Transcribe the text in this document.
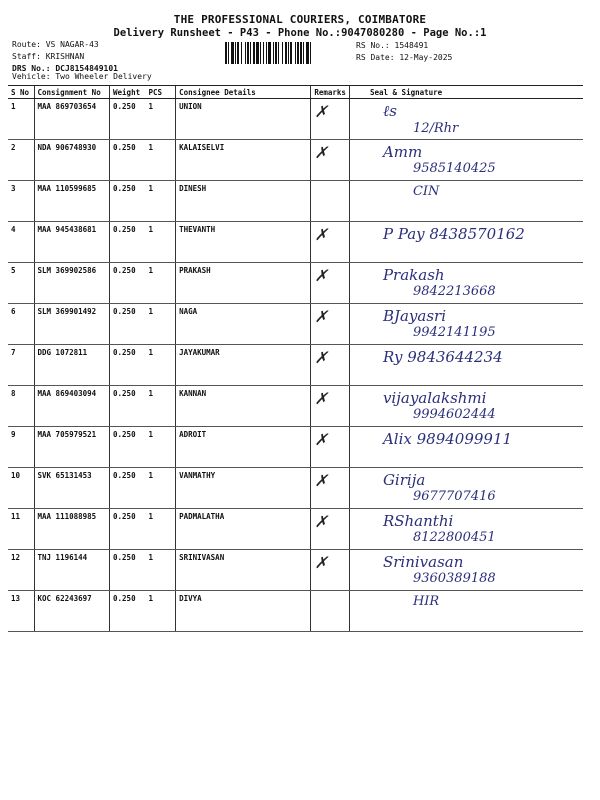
THE PROFESSIONAL COURIERS, COIMBATORE
Delivery Runsheet - P43 - Phone No.:9047080280 - Page No.:1
Route: VS NAGAR-43
Staff: KRISHNAN
DRS No.: DCJ8154849101
RS No.: 1548491
RS Date: 12-May-2025
Vehicle: Two Wheeler Delivery
S No	Consignment No	Weight	PCS	Consignee Details	Remarks	Seal & Signature
1	MAA 869703654	0.250	1	UNION	✗	ℓs
12/Rhr

2	NDA 906748930	0.250	1	KALAISELVI	✗	Amm
9585140425

3	MAA 110599685	0.250	1	DINESH		CIN

4	MAA 945438681	0.250	1	THEVANTH	✗	P Pay 8438570162

5	SLM 369902586	0.250	1	PRAKASH	✗	Prakash
9842213668

6	SLM 369901492	0.250	1	NAGA	✗	BJayasri
9942141195

7	DDG 1072811	0.250	1	JAYAKUMAR	✗	Ry 9843644234

8	MAA 869403094	0.250	1	KANNAN	✗	vijayalakshmi
9994602444

9	MAA 705979521	0.250	1	ADROIT	✗	Alix 9894099911

10	SVK 65131453	0.250	1	VANMATHY	✗	Girija
9677707416

11	MAA 111088985	0.250	1	PADMALATHA	✗	RShanthi
8122800451

12	TNJ 1196144	0.250	1	SRINIVASAN	✗	Srinivasan
9360389188

13	KOC 62243697	0.250	1	DIVYA		HIR
